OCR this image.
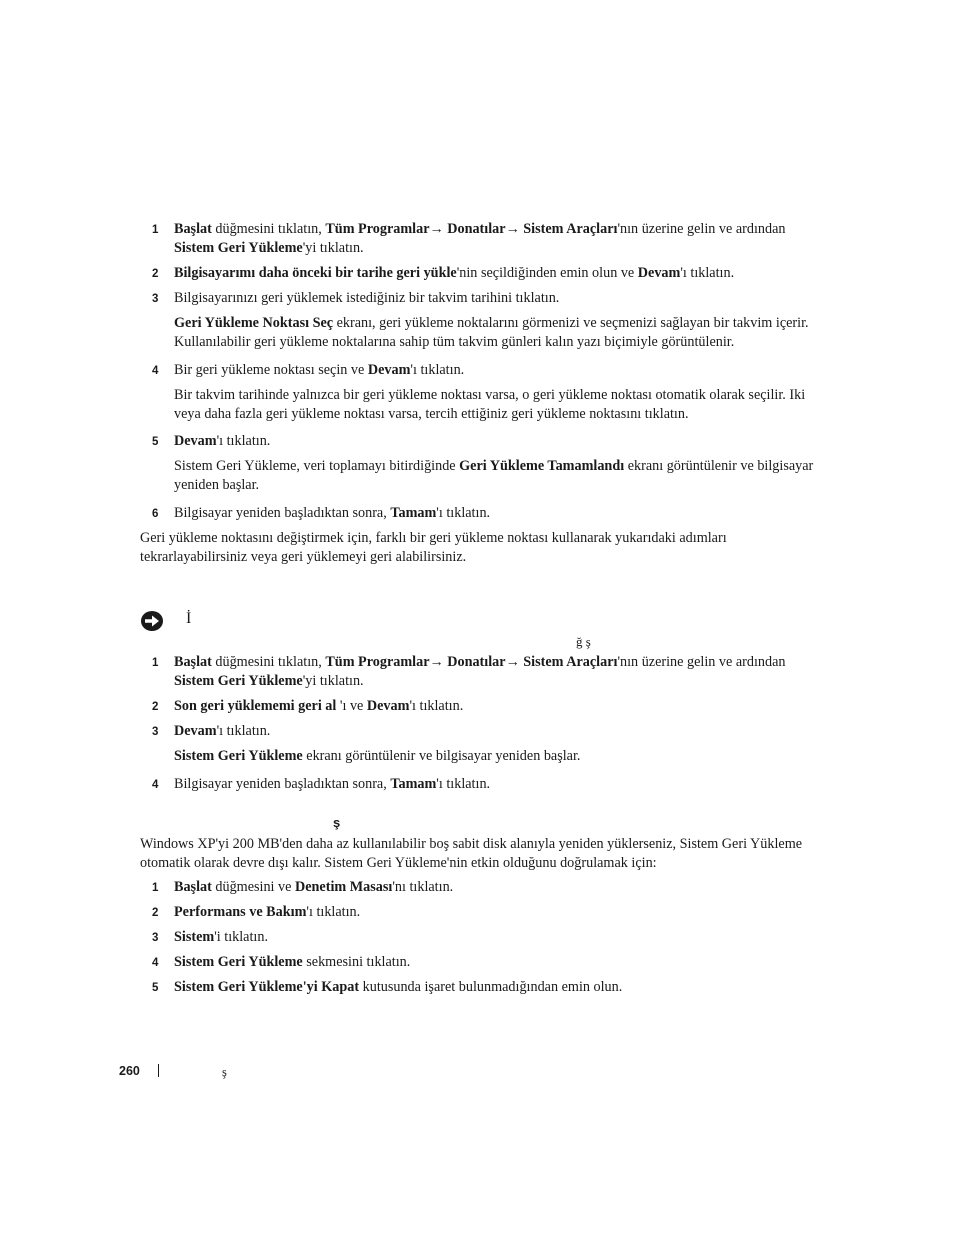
1 Başlat düğmesini tıklatın, Tüm Programlar→ Donatılar→ Sistem Araçları'nın üzerine gelin ve ardından Sistem Geri Yükleme'yi tıklatın.
2 Bilgisayarımı daha önceki bir tarihe geri yükle'nin seçildiğinden emin olun ve Devam'ı tıklatın.
3 Bilgisayarınızı geri yüklemek istediğiniz bir takvim tarihini tıklatın.
Geri Yükleme Noktası Seç ekranı, geri yükleme noktalarını görmenizi ve seçmenizi sağlayan bir takvim içerir. Kullanılabilir geri yükleme noktalarına sahip tüm takvim günleri kalın yazı biçimiyle görüntülenir.
4 Bir geri yükleme noktası seçin ve Devam'ı tıklatın.
Bir takvim tarihinde yalnızca bir geri yükleme noktası varsa, o geri yükleme noktası otomatik olarak seçilir. Iki veya daha fazla geri yükleme noktası varsa, tercih ettiğiniz geri yükleme noktasını tıklatın.
5 Devam'ı tıklatın.
Sistem Geri Yükleme, veri toplamayı bitirdiğinde Geri Yükleme Tamamlandı ekranı görüntülenir ve bilgisayar yeniden başlar.
6 Bilgisayar yeniden başladıktan sonra, Tamam'ı tıklatın.
Geri yükleme noktasını değiştirmek için, farklı bir geri yükleme noktası kullanarak yukarıdaki adımları tekrarlayabilirsiniz veya geri yüklemeyi geri alabilirsiniz.
İ
ğ ş
1 Başlat düğmesini tıklatın, Tüm Programlar→ Donatılar→ Sistem Araçları'nın üzerine gelin ve ardından Sistem Geri Yükleme'yi tıklatın.
2 Son geri yüklememi geri al 'ı ve Devam'ı tıklatın.
3 Devam'ı tıklatın.
Sistem Geri Yükleme ekranı görüntülenir ve bilgisayar yeniden başlar.
4 Bilgisayar yeniden başladıktan sonra, Tamam'ı tıklatın.
ş
Windows XP'yi 200 MB'den daha az kullanılabilir boş sabit disk alanıyla yeniden yüklerseniz, Sistem Geri Yükleme otomatik olarak devre dışı kalır. Sistem Geri Yükleme'nin etkin olduğunu doğrulamak için:
1 Başlat düğmesini ve Denetim Masası'nı tıklatın.
2 Performans ve Bakım'ı tıklatın.
3 Sistem'i tıklatın.
4 Sistem Geri Yükleme sekmesini tıklatın.
5 Sistem Geri Yükleme'yi Kapat kutusunda işaret bulunmadığından emin olun.
260	ş
